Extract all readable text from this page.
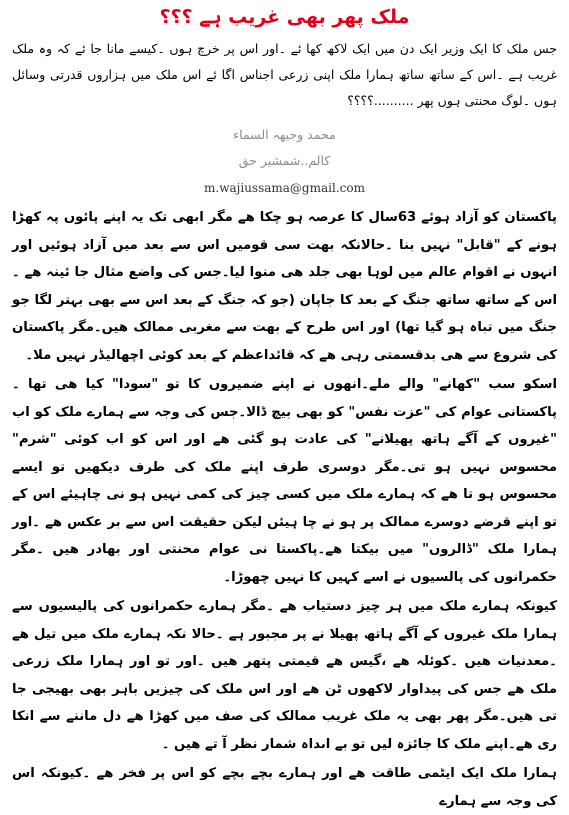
ملک پھر بھی غریب ہے ؟؟؟
جس ملک کا ایک وزیر ایک دن میں ایک لاکھ کھا ئے ۔اور اس پر خرچ ہوں ۔کیسے مانا جا ئے کہ وہ ملک غریب ہے ۔اس کے ساتھ ساتھ ہمارا ملک اپنی زرعی اجناس اگا ئے اس ملک میں ہزاروں قدرتی وسائل ہوں ۔لوگ محنتی ہوں پھر ..........؟؟؟؟
محمد وجیھہ السماء
کالم..شمشیر حق
m.wajiussama@gmail.com

پاکستان کو آزاد ہوئے 63سال کا عرصہ ہو چکا ھے مگر ابھی تک یہ اپنے پائوں پہ کھڑا ہونے کے "قابل" نہیں بنا ۔حالانکہ بھت سی قومیں اس سے بعد میں آزاد ہوئیں اور انہوں نے اقوام عالم میں لوہا بھی جلد ھی منوا لیا۔جس کی واضع مثال جا ئینہ ھے ۔اس کے ساتھ ساتھ جنگ کے بعد کا جاپان (جو کہ جنگ کے بعد اس سے بھی بہتر لگا جو جنگ میں تباہ ہو گیا تھا) اور اس طرح کے بھت سے مغربی ممالک ھیں۔مگر پاکستان کی شروع سے ھی بدقسمتی رہی ھے کہ قائداعظم کے بعد کوئی اچھالیڈر نہیں ملا۔

اسکو سب "کھانے" والے ملے۔انھوں نے اپنے ضمیروں کا تو "سودا" کیا ھی تھا ۔پاکستانی عوام کی "عزت نفس" کو بھی بیچ ڈالا۔جس کی وجہ سے ہمارے ملک کو اب "غیروں کے آگے ہاتھ پھیلانے" کی عادت ہو گئی ھے اور اس کو اب کوئی "شرم" محسوس نہیں ہو تی۔مگر دوسری طرف اپنے ملک کی طرف دیکھیں تو ایسے محسوس ہو تا ھے کہ ہمارے ملک میں کسی چیز کی کمی نہیں ہو نی چاہیئے اس کے تو اپنے قرضے دوسرے ممالک پر ہو نے چا ہیئں لیکن حقیقت اس سے بر عکس ھے ۔اور ہمارا ملک "ڈالروں" میں بیکتا ھے۔پاکستا نی عوام محنتی اور بھادر ھیں ۔مگر حکمرانوں کی پالسیوں نے اسے کہیں کا نہیں چھوڑا۔

کیونکہ ہمارے ملک میں ہر چیز دستیاب ھے ۔مگر ہمارے حکمرانوں کی پالیسیوں سے ہمارا ملک غیروں کے آگے ہاتھ پھیلا نے پر مجبور ہے ۔حالا نکہ ہمارے ملک میں تیل ھے ۔معدنیات ھیں ۔کوئلہ ھے ،گیس ھے قیمتی پتھر ھیں ۔اور تو اور ہمارا ملک زرعی ملک ھے جس کی پیداوار لاکھوں ٹن ھے اور اس ملک کی چیزیں باہر بھی بھیجی جا تی ھیں۔مگر پھر بھی یہ ملک غریب ممالک کی صف میں کھڑا ھے دل ماننے سے انکا ری ھے۔اپنے ملک کا جائزہ لیں تو بے اںداہ شمار نظر آ تے ھیں ۔

ہمارا ملک ایک ایٹمی طاقت ھے اور ہمارے بچے بچے کو اس پر فخر ھے ۔کیونکہ اس کی وجہ سے ہمارے
